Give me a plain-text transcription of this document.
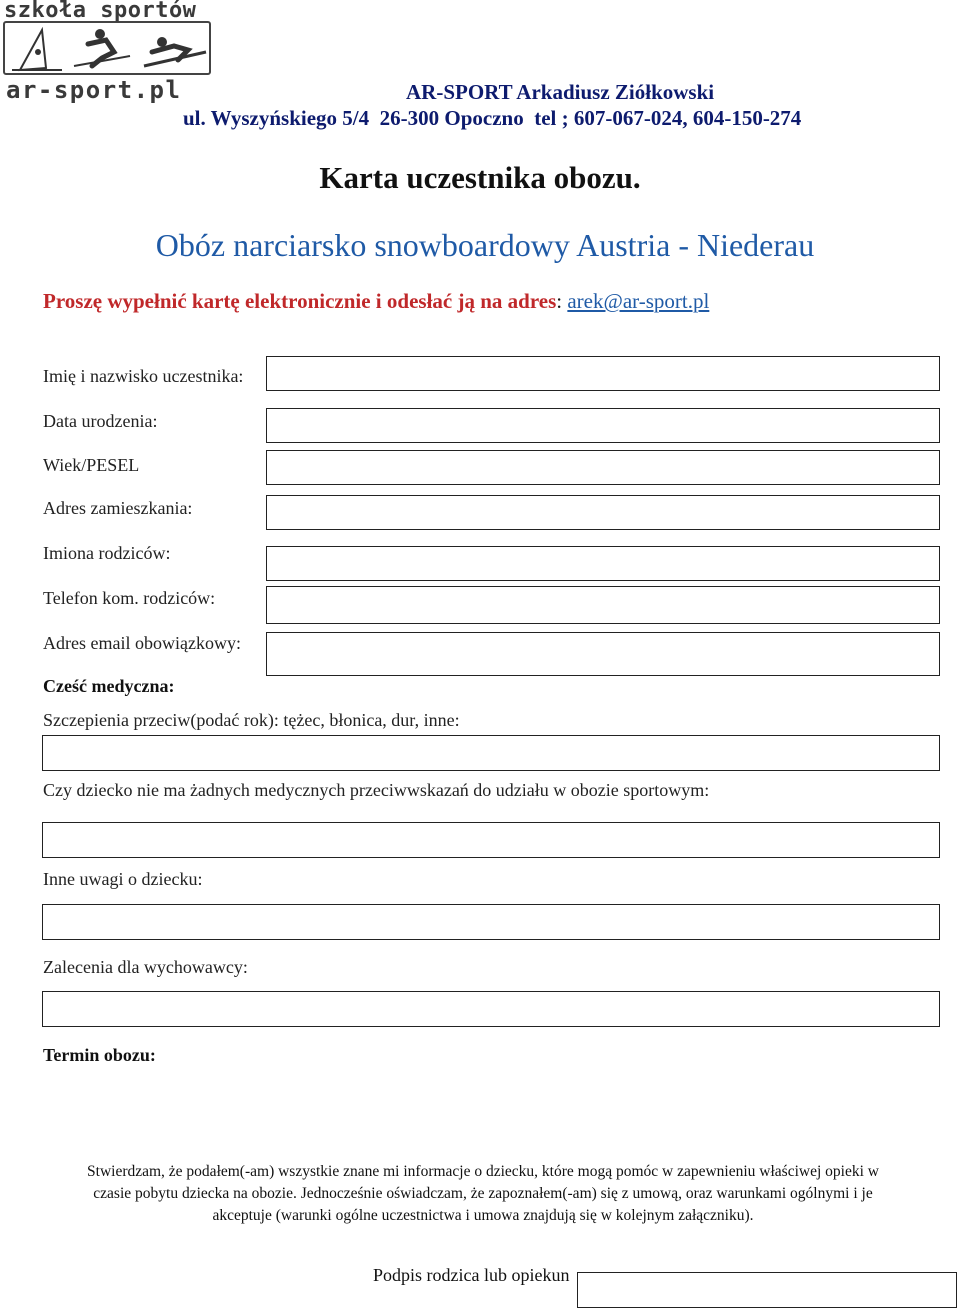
szkoła sportów
ar-sport.pl	AR-SPORT Arkadiusz Ziółkowski
ul. Wyszyńskiego 5/4  26-300 Opoczno  tel ; 607-067-024, 604-150-274
Karta uczestnika obozu.
Obóz narciarsko snowboardowy Austria - Niederau
Proszę wypełnić kartę elektronicznie i odesłać ją na adres: arek@ar-sport.pl
Imię i nazwisko uczestnika:
Data urodzenia:
Wiek/PESEL
Adres zamieszkania:
Imiona rodziców:
Telefon kom. rodziców:
Adres email obowiązkowy:
Cześć medyczna:
Szczepienia przeciw(podać rok): tężec, błonica, dur, inne:
Czy dziecko nie ma żadnych medycznych przeciwwskazań do udziału w obozie sportowym:
Inne uwagi o dziecku:
Zalecenia dla wychowawcy:
Termin obozu:
Stwierdzam, że podałem(-am) wszystkie znane mi informacje o dziecku, które mogą pomóc w zapewnieniu właściwej opieki w
czasie pobytu dziecka na obozie. Jednocześnie oświadczam, że zapoznałem(-am) się z umową, oraz warunkami ogólnymi i je
akceptuje (warunki ogólne uczestnictwa i umowa znajdują się w kolejnym załączniku).
Podpis rodzica lub opiekun
